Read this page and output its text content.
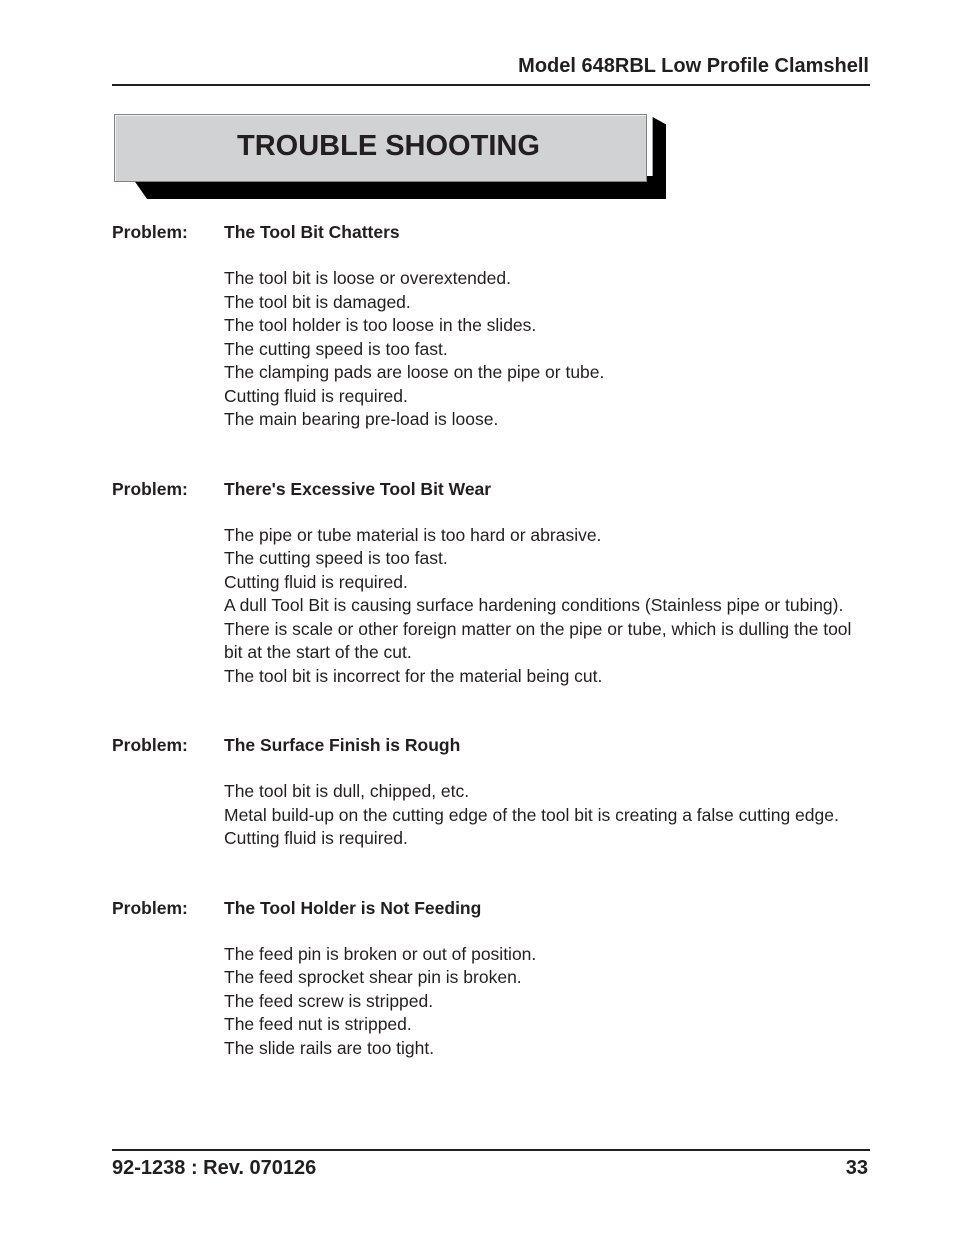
Model 648RBL Low Profile Clamshell
TROUBLE SHOOTING
Problem: The Tool Bit Chatters
The tool bit is loose or overextended.
The tool bit is damaged.
The tool holder is too loose in the slides.
The cutting speed is too fast.
The clamping pads are loose on the pipe or tube.
Cutting fluid is required.
The main bearing pre-load is loose.
Problem: There's Excessive Tool Bit Wear
The pipe or tube material is too hard or abrasive.
The cutting speed is too fast.
Cutting fluid is required.
A dull Tool Bit is causing surface hardening conditions (Stainless pipe or tubing).
There is scale or other foreign matter on the pipe or tube, which is dulling the tool bit at the start of the cut.
The tool bit is incorrect for the material being cut.
Problem: The Surface Finish is Rough
The tool bit is dull, chipped, etc.
Metal build-up on the cutting edge of the tool bit is creating a false cutting edge.
Cutting fluid is required.
Problem: The Tool Holder is Not Feeding
The feed pin is broken or out of position.
The feed sprocket shear pin is broken.
The feed screw is stripped.
The feed nut is stripped.
The slide rails are too tight.
92-1238 : Rev. 070126	33
